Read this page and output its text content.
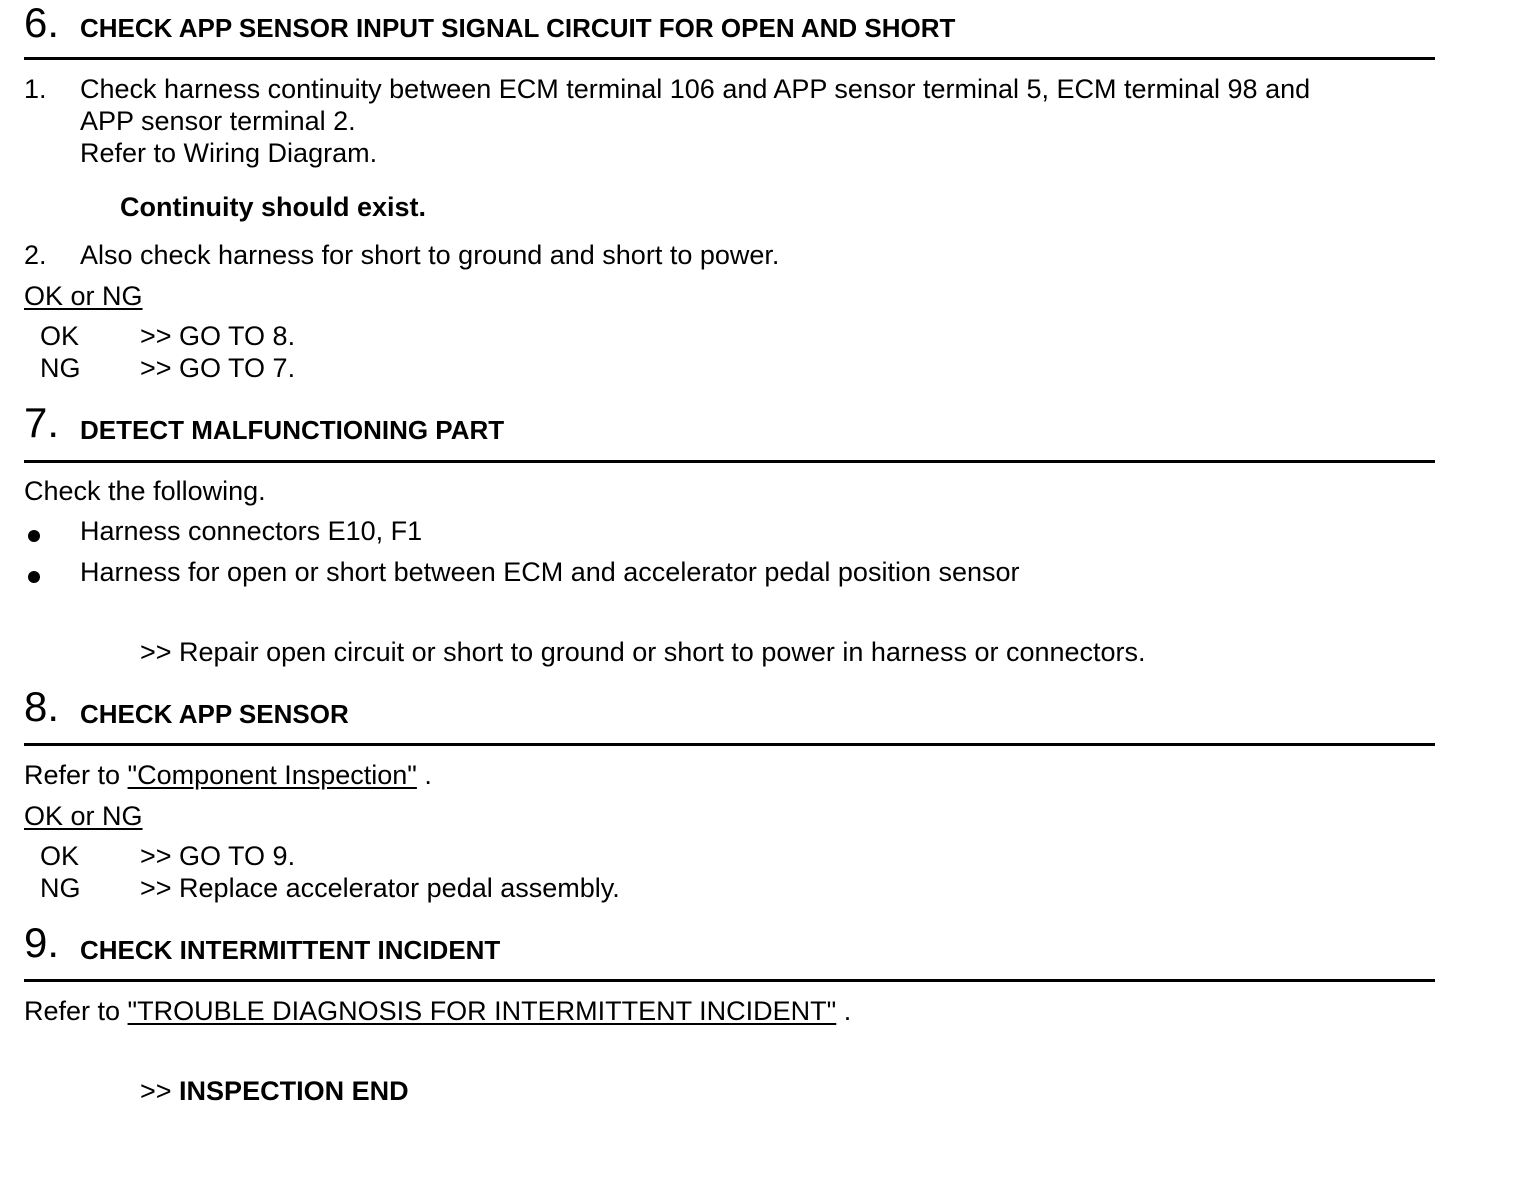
6. CHECK APP SENSOR INPUT SIGNAL CIRCUIT FOR OPEN AND SHORT
1. Check harness continuity between ECM terminal 106 and APP sensor terminal 5, ECM terminal 98 and
APP sensor terminal 2.
Refer to Wiring Diagram.
Continuity should exist.
2. Also check harness for short to ground and short to power.
OK or NG
OK >> GO TO 8.
NG >> GO TO 7.
7. DETECT MALFUNCTIONING PART
Check the following.
Harness connectors E10, F1
Harness for open or short between ECM and accelerator pedal position sensor
>> Repair open circuit or short to ground or short to power in harness or connectors.
8. CHECK APP SENSOR
Refer to "Component Inspection" .
OK or NG
OK >> GO TO 9.
NG >> Replace accelerator pedal assembly.
9. CHECK INTERMITTENT INCIDENT
Refer to "TROUBLE DIAGNOSIS FOR INTERMITTENT INCIDENT" .
>> INSPECTION END
